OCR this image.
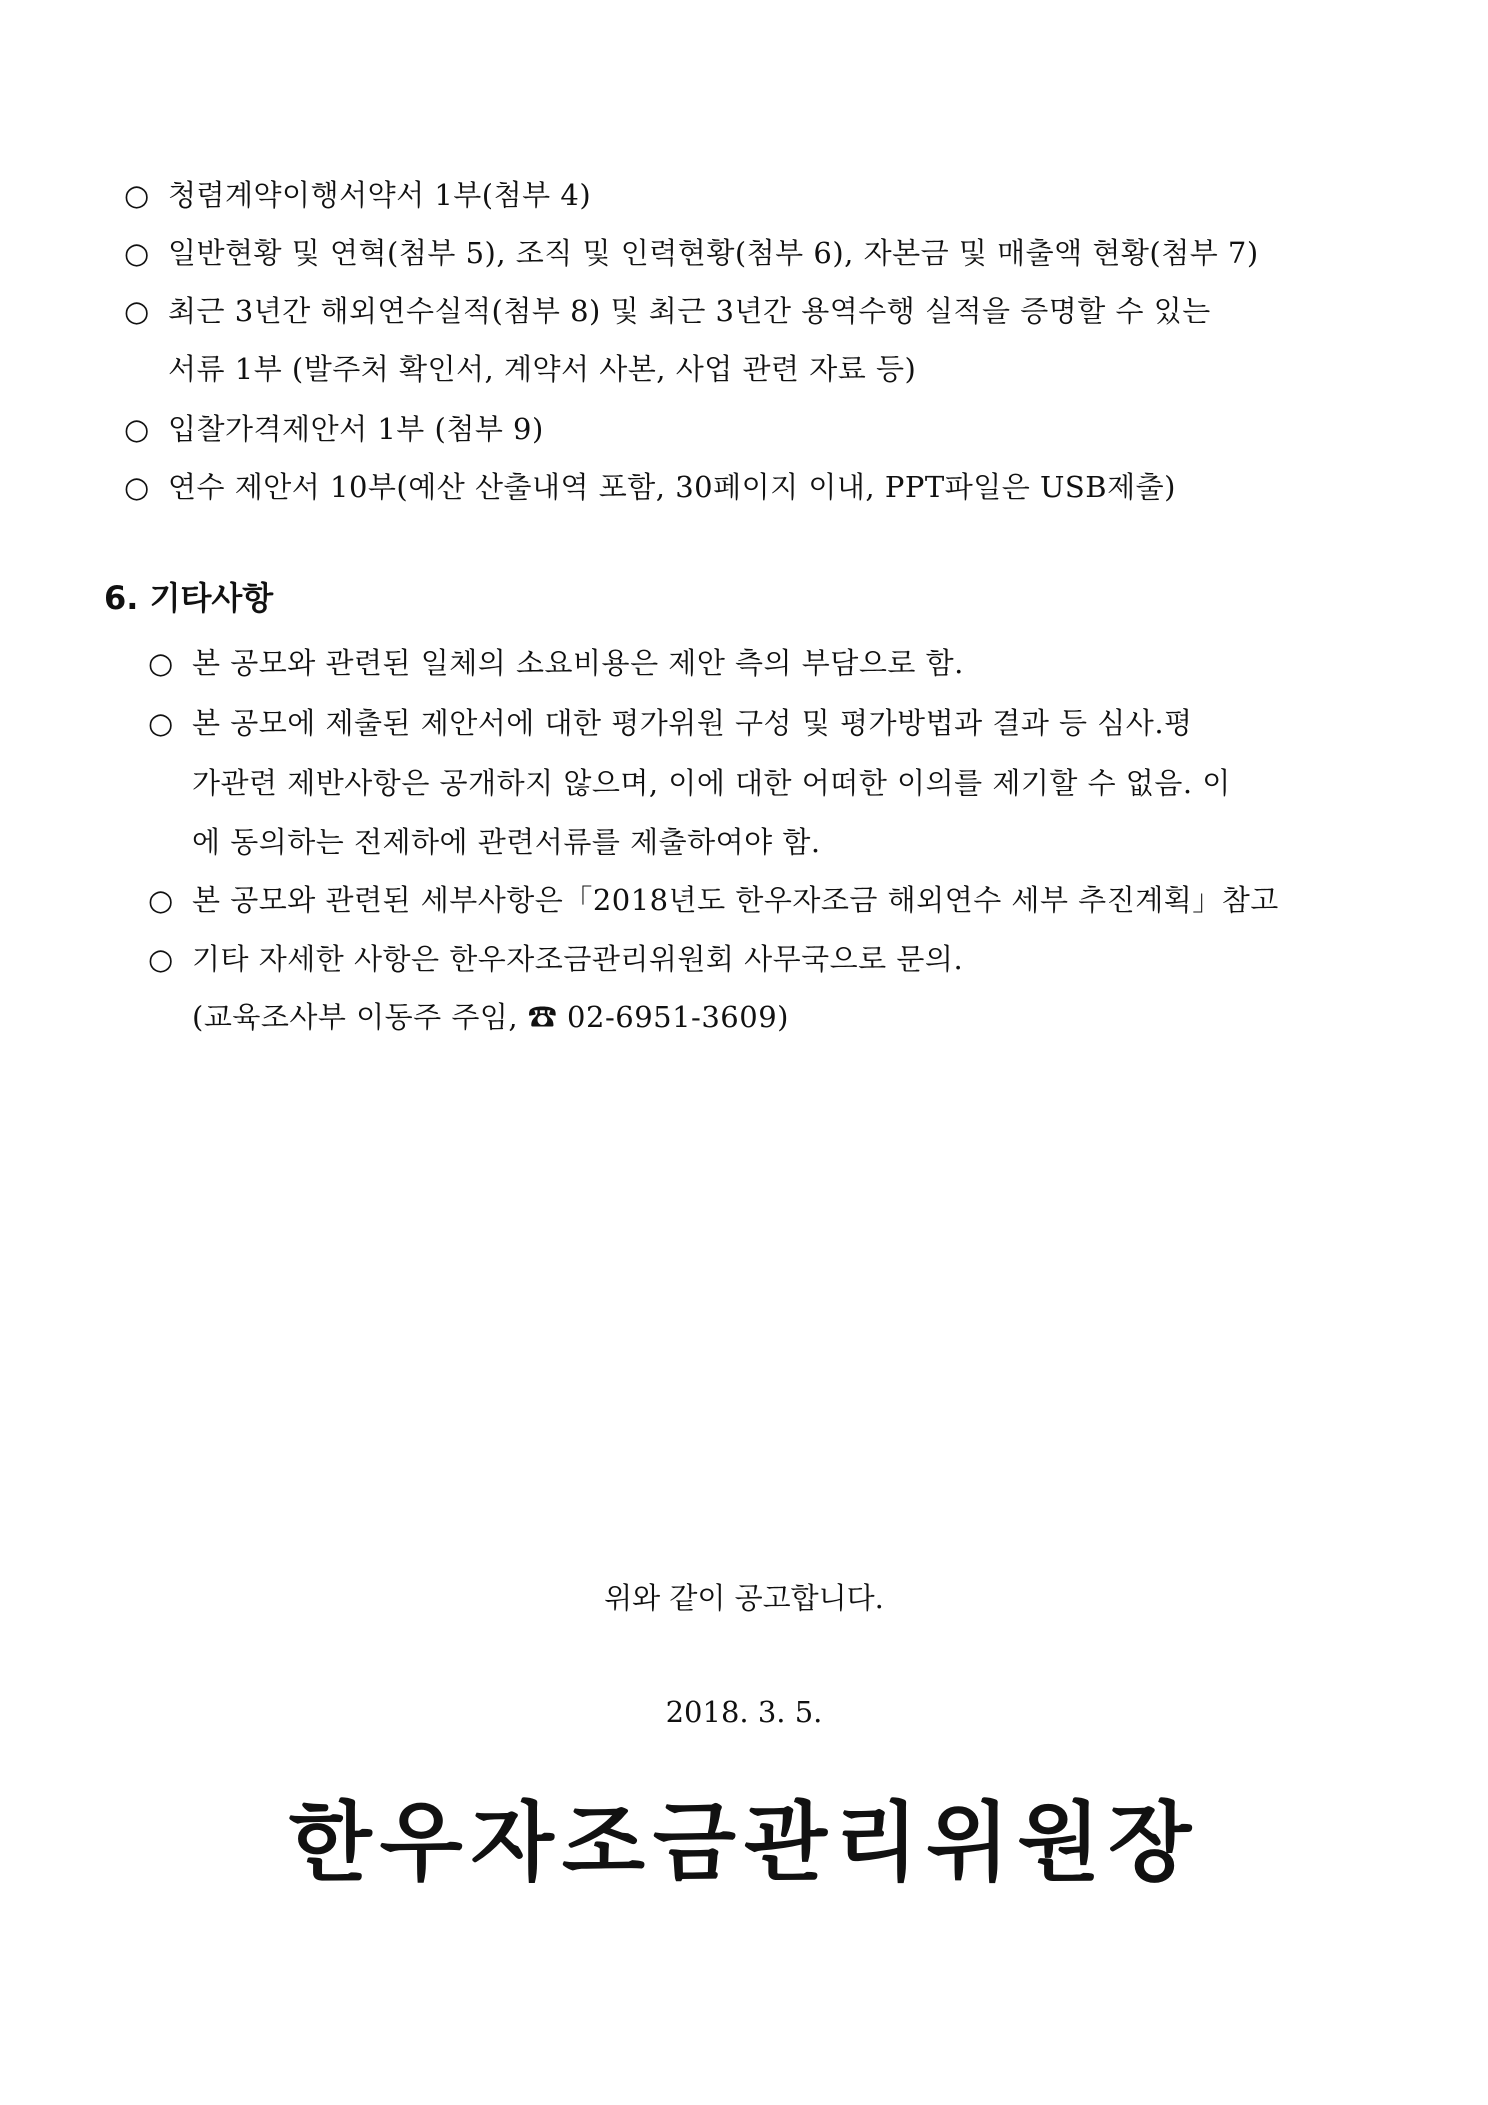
○ 청렴계약이행서약서 1부(첨부 4)
○ 일반현황 및 연혁(첨부 5), 조직 및 인력현황(첨부 6), 자본금 및 매출액 현황(첨부 7)
○ 최근 3년간 해외연수실적(첨부 8) 및 최근 3년간 용역수행 실적을 증명할 수 있는
서류 1부 (발주처 확인서, 계약서 사본, 사업 관련 자료 등)
○ 입찰가격제안서 1부 (첨부 9)
○ 연수 제안서 10부(예산 산출내역 포함, 30페이지 이내, PPT파일은 USB제출)
6. 기타사항
○ 본 공모와 관련된 일체의 소요비용은 제안 측의 부담으로 함.
○ 본 공모에 제출된 제안서에 대한 평가위원 구성 및 평가방법과 결과 등 심사.평
가관련 제반사항은 공개하지 않으며, 이에 대한 어떠한 이의를 제기할 수 없음. 이
에 동의하는 전제하에 관련서류를 제출하여야 함.
○ 본 공모와 관련된 세부사항은「2018년도 한우자조금 해외연수 세부 추진계획」참고
○ 기타 자세한 사항은 한우자조금관리위원회 사무국으로 문의.
(교육조사부 이동주 주임, ☎ 02-6951-3609)
위와 같이 공고합니다.
2018. 3. 5.
한우자조금관리위원장
